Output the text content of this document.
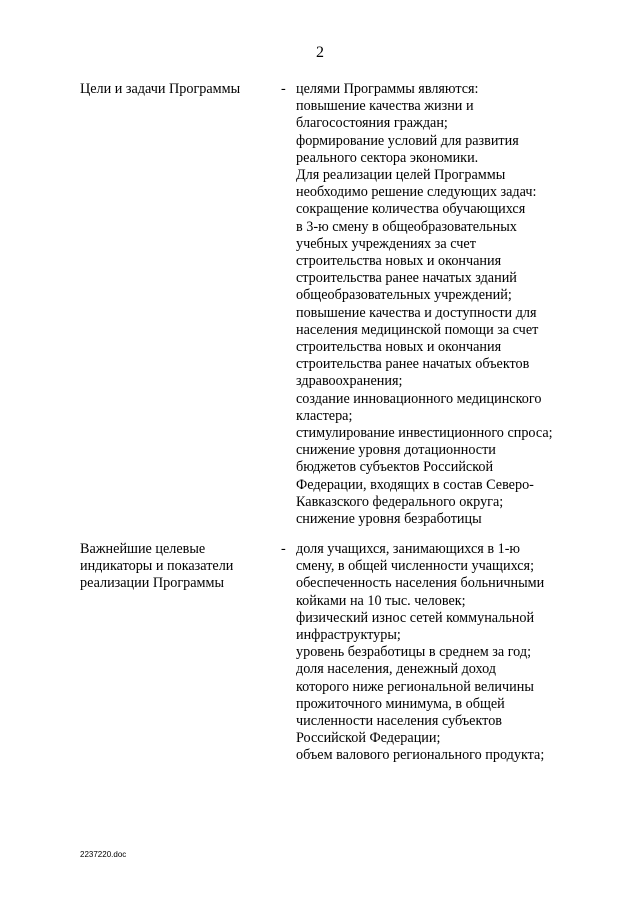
2
Цели и задачи Программы	- целями Программы являются:
повышение качества жизни и
благосостояния граждан;
формирование условий для развития
реального сектора экономики.
Для реализации целей Программы
необходимо решение следующих задач:
сокращение количества обучающихся
в 3-ю смену в общеобразовательных
учебных учреждениях за счет
строительства новых и окончания
строительства ранее начатых зданий
общеобразовательных учреждений;
повышение качества и доступности для
населения медицинской помощи за счет
строительства новых и окончания
строительства ранее начатых объектов
здравоохранения;
создание инновационного медицинского
кластера;
стимулирование инвестиционного спроса;
снижение уровня дотационности
бюджетов субъектов Российской
Федерации, входящих в состав Северо-
Кавказского федерального округа;
снижение уровня безработицы
Важнейшие целевые
индикаторы и показатели
реализации Программы
- доля учащихся, занимающихся в 1-ю
смену, в общей численности учащихся;
обеспеченность населения больничными
койками на 10 тыс. человек;
физический износ сетей коммунальной
инфраструктуры;
уровень безработицы в среднем за год;
доля населения, денежный доход
которого ниже региональной величины
прожиточного минимума, в общей
численности населения субъектов
Российской Федерации;
объем валового регионального продукта;
2237220.doc
